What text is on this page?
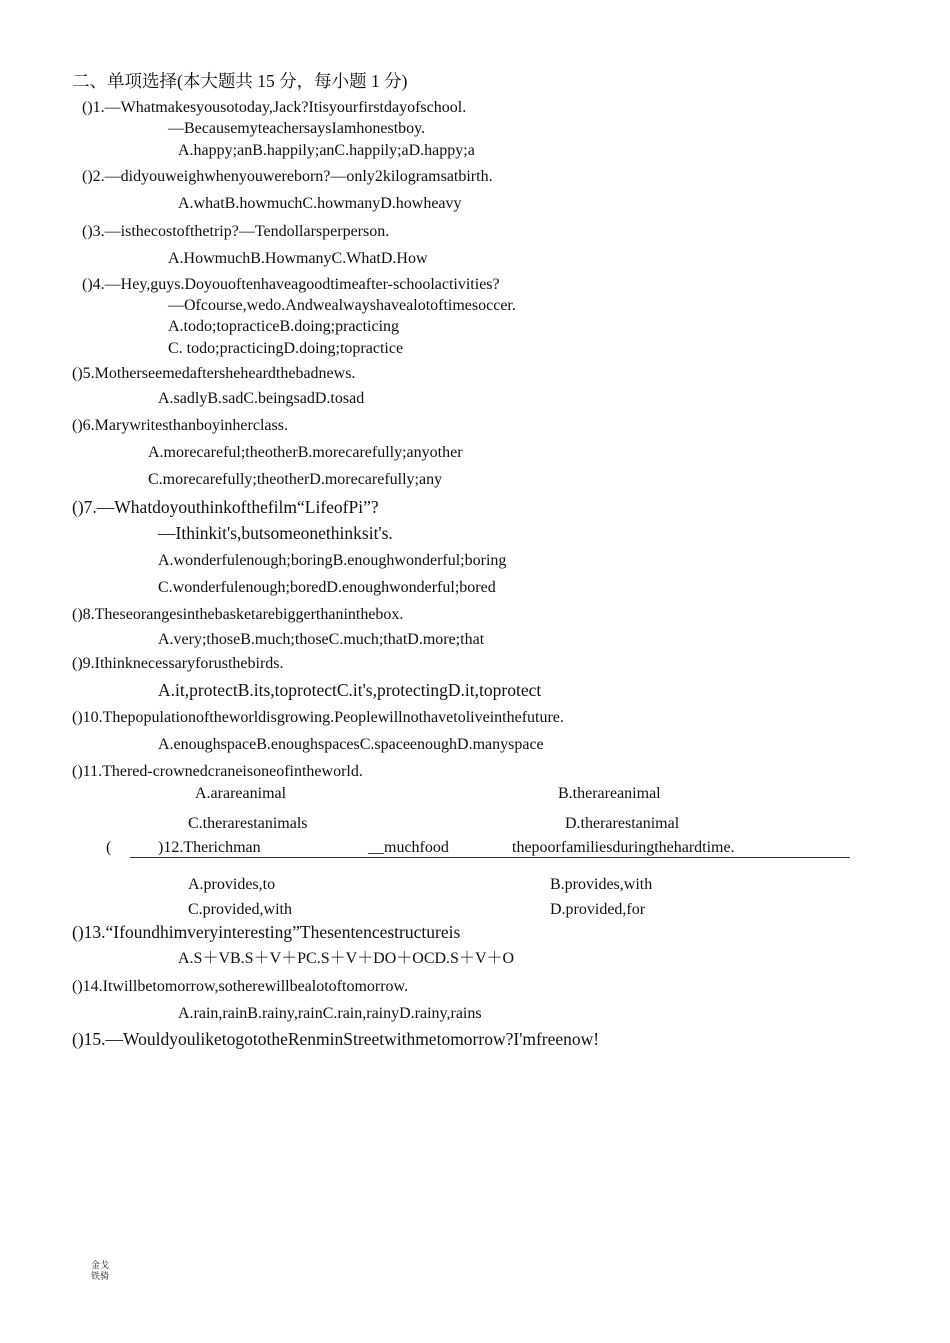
二、单项选择(本大题共 15 分，每小题 1 分)
()1.—Whatmakesyousotoday,Jack?Itisyourfirstdayofschool.
—BecausemyteachersaysIamhonestboy.
A.happy;anB.happily;anC.happily;aD.happy;a
()2.—didyouweighwhenyouwereborn?—only2kilogramsatbirth.
A.whatB.howmuchC.howmanyD.howheavy
()3.—isthecostofthetrip?—Tendollarsperperson.
A.HowmuchB.HowmanyC.WhatD.How
()4.—Hey,guys.Doyouoftenhaveagoodtimeafter-schoolactivities?
—Ofcourse,wedo.Andwealwayshavealotoftimesoccer.
A.todo;topracticeB.doing;practicing
C. todo;practicingD.doing;topractice
()5.Motherseemedaftersheheardthebadnews.
A.sadlyB.sadC.beingsadD.tosad
()6.Marywritesthanboyinherclass.
A.morecareful;theotherB.morecarefully;anyother
C.morecarefully;theotherD.morecarefully;any
()7.—Whatdoyouthinkofthefilm“LifeofPi”?
—Ithinkit's,butsomeonethinksit's.
A.wonderfulenough;boringB.enoughwonderful;boring
C.wonderfulenough;boredD.enoughwonderful;bored
()8.Theseorangesinthebasketarebiggerthaninthebox.
A.very;thoseB.much;thoseC.much;thatD.more;that
()9.Ithinknecessaryforusthebirds.
A.it,protectB.its,toprotectC.it's,protectingD.it,toprotect
()10.Thepopulationoftheworldisgrowing.Peoplewillnothavetoliveinthefuture.
A.enoughspaceB.enoughspacesC.spaceenoughD.manyspace
()11.Thered-crownedcraneisoneofintheworld.
A.ararеanimal	B.therareanimal
C.therarestanimals	D.therarestanimal
(	)12.Therichman	__muchfood	thepoorfamiliesduringthehardtime.
A.provides,to	B.provides,with
C.provided,with	D.provided,for
()13.“Ifoundhimveryinteresting”Thesentencestructureis
A.S＋VB.S＋V＋PC.S＋V＋DO＋OCD.S＋V＋O
()14.Itwillbetomorrow,sotherewillbealotoftomorrow.
A.rain,rainB.rainy,rainC.rain,rainyD.rainy,rains
()15.—WouldyouliketogototheRenminStreetwithmetomorrow?I'mfreenow!
金戈
铁骑
